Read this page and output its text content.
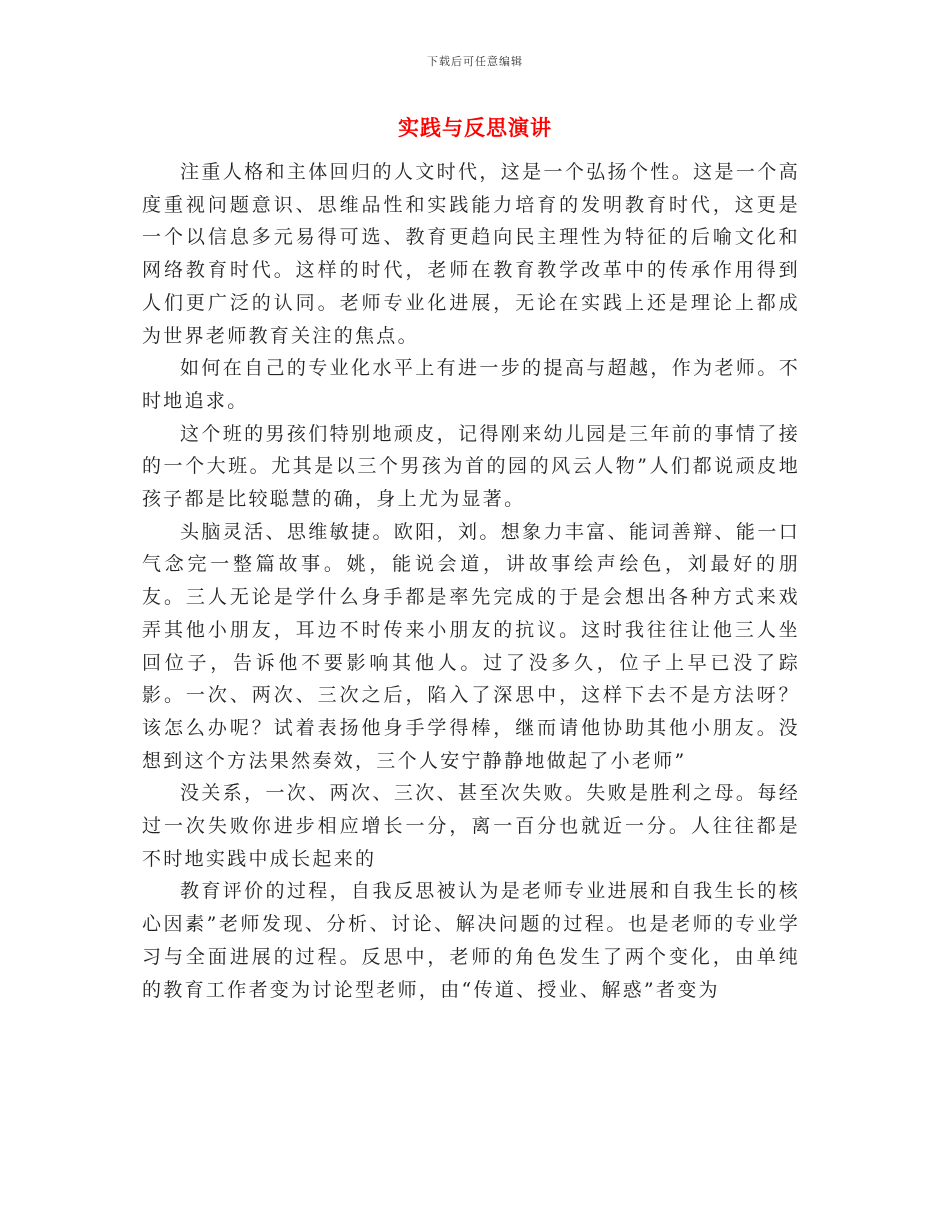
下载后可任意编辑
实践与反思演讲

注重人格和主体回归的人文时代，这是一个弘扬个性。这是一个高度重视问题意识、思维品性和实践能力培育的发明教育时代，这更是一个以信息多元易得可选、教育更趋向民主理性为特征的后喻文化和网络教育时代。这样的时代，老师在教育教学改革中的传承作用得到人们更广泛的认同。老师专业化进展，无论在实践上还是理论上都成为世界老师教育关注的焦点。

如何在自己的专业化水平上有进一步的提高与超越，作为老师。不时地追求。

这个班的男孩们特别地顽皮，记得刚来幼儿园是三年前的事情了接的一个大班。尤其是以三个男孩为首的园的风云人物”人们都说顽皮地孩子都是比较聪慧的确，身上尤为显著。

头脑灵活、思维敏捷。欧阳，刘。想象力丰富、能词善辩、能一口气念完一整篇故事。姚，能说会道，讲故事绘声绘色，刘最好的朋友。三人无论是学什么身手都是率先完成的于是会想出各种方式来戏弄其他小朋友，耳边不时传来小朋友的抗议。这时我往往让他三人坐回位子，告诉他不要影响其他人。过了没多久，位子上早已没了踪影。一次、两次、三次之后，陷入了深思中，这样下去不是方法呀？该怎么办呢？试着表扬他身手学得棒，继而请他协助其他小朋友。没想到这个方法果然奏效，三个人安宁静静地做起了小老师”

没关系，一次、两次、三次、甚至次失败。失败是胜利之母。每经过一次失败你进步相应增长一分，离一百分也就近一分。人往往都是不时地实践中成长起来的

教育评价的过程，自我反思被认为是老师专业进展和自我生长的核心因素”老师发现、分析、讨论、解决问题的过程。也是老师的专业学习与全面进展的过程。反思中，老师的角色发生了两个变化，由单纯的教育工作者变为讨论型老师，由“传道、授业、解惑”者变为
